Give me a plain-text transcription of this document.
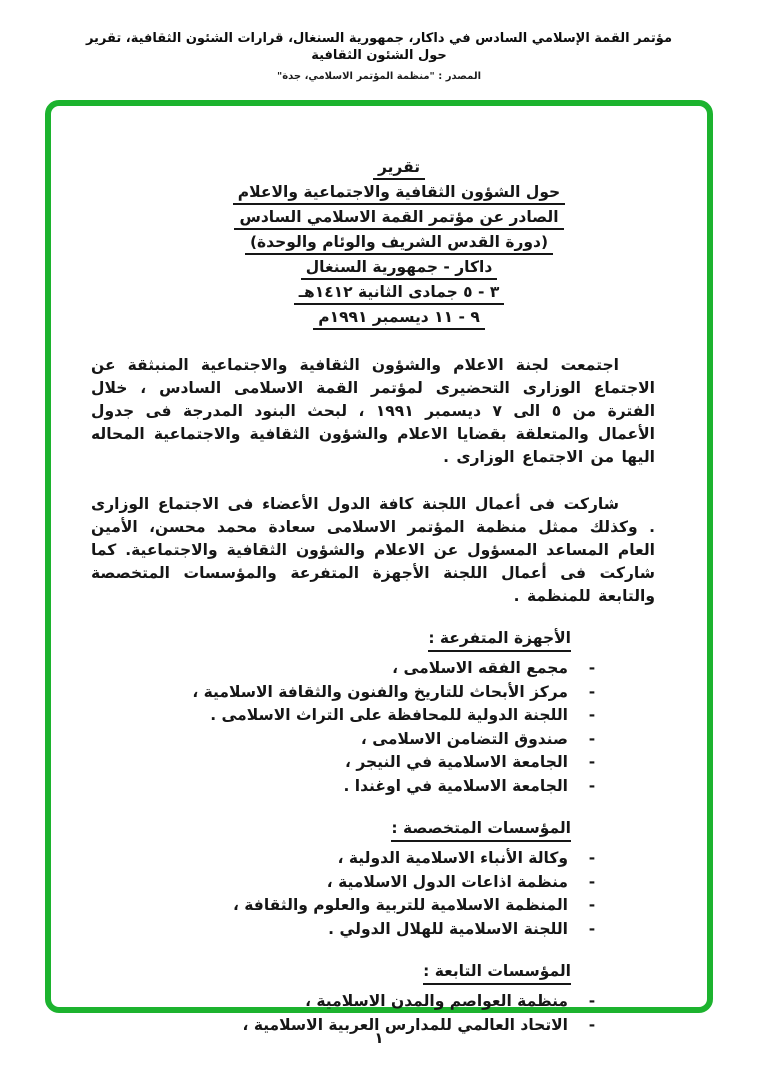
مؤتمر القمة الإسلامي السادس في داكار، جمهورية السنغال، قرارات الشئون الثقافية، تقرير حول الشئون الثقافية
المصدر : "منظمة المؤتمر الاسلامي، جدة"
تقرير
حول الشؤون الثقافية والاجتماعية والاعلام
الصادر عن مؤتمر القمة الاسلامي السادس
(دورة القدس الشريف والوئام والوحدة)
داكار - جمهورية السنغال
٣ - ٥ جمادى الثانية ١٤١٢هـ
٩ - ١١ ديسمبر ١٩٩١م

اجتمعت لجنة الاعلام والشؤون الثقافية والاجتماعية المنبثقة عن الاجتماع الوزارى التحضيرى لمؤتمر القمة الاسلامى السادس ، خلال الفترة من ٥ الى ٧ ديسمبر ١٩٩١ ، لبحث البنود المدرجة فى جدول الأعمال والمتعلقة بقضايا الاعلام والشؤون الثقافية والاجتماعية المحاله اليها من الاجتماع الوزارى .

شاركت فى أعمال اللجنة كافة الدول الأعضاء فى الاجتماع الوزارى . وكذلك ممثل منظمة المؤتمر الاسلامى سعادة محمد محسن، الأمين العام المساعد المسؤول عن الاعلام والشؤون الثقافية والاجتماعية. كما شاركت فى أعمال اللجنة الأجهزة المتفرعة والمؤسسات المتخصصة والتابعة للمنظمة .

الأجهزة المتفرعة :
-
مجمع الفقه الاسلامى ،
-
مركز الأبحاث للتاريخ والفنون والثقافة الاسلامية ،
-
اللجنة الدولية للمحافظة على التراث الاسلامى .
-
صندوق التضامن الاسلامى ،
-
الجامعة الاسلامية في النيجر ،
-
الجامعة الاسلامية في اوغندا .
المؤسسات المتخصصة :
-
وكالة الأنباء الاسلامية الدولية ،
-
منظمة اذاعات الدول الاسلامية ،
-
المنظمة الاسلامية للتربية والعلوم والثقافة ،
-
اللجنة الاسلامية للهلال الدولي .
المؤسسات التابعة :
-
منظمة العواصم والمدن الاسلامية ،
-
الاتحاد العالمي للمدارس العربية الاسلامية ،
١
